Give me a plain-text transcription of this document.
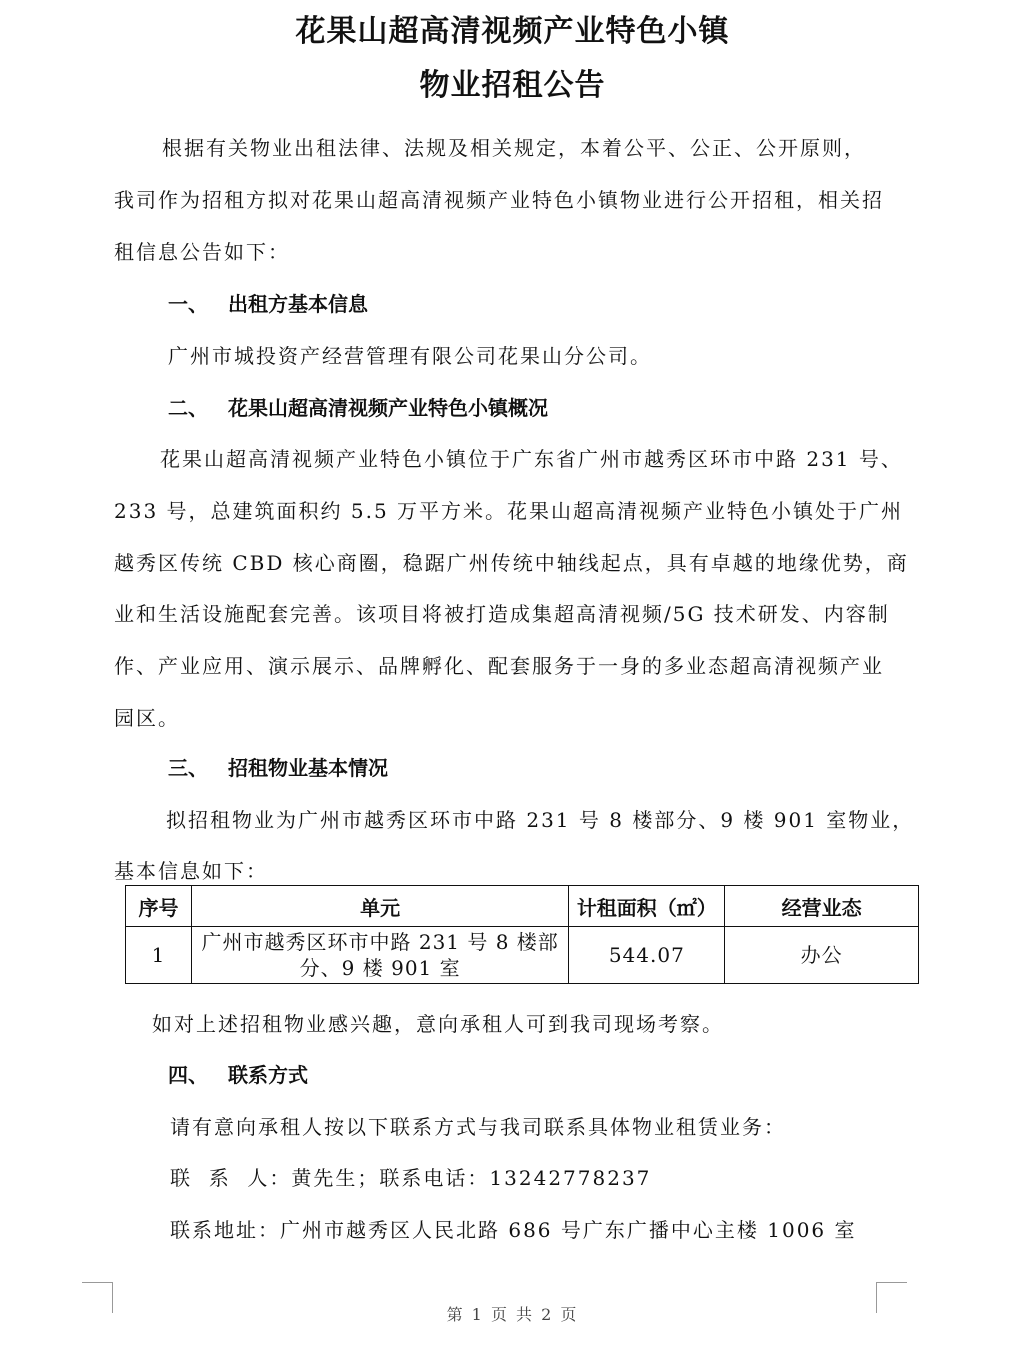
花果山超高清视频产业特色小镇
物业招租公告
根据有关物业出租法律、法规及相关规定，本着公平、公正、公开原则，
我司作为招租方拟对花果山超高清视频产业特色小镇物业进行公开招租，相关招
租信息公告如下：
一、 出租方基本信息
广州市城投资产经营管理有限公司花果山分公司。
二、 花果山超高清视频产业特色小镇概况
花果山超高清视频产业特色小镇位于广东省广州市越秀区环市中路 231 号、
233 号，总建筑面积约 5.5 万平方米。花果山超高清视频产业特色小镇处于广州
越秀区传统 CBD 核心商圈，稳踞广州传统中轴线起点，具有卓越的地缘优势，商
业和生活设施配套完善。该项目将被打造成集超高清视频/5G 技术研发、内容制
作、产业应用、演示展示、品牌孵化、配套服务于一身的多业态超高清视频产业
园区。
三、 招租物业基本情况
拟招租物业为广州市越秀区环市中路 231 号 8 楼部分、9 楼 901 室物业，
基本信息如下：
序号	单元	计租面积（㎡）	经营业态
1	广州市越秀区环市中路 231 号 8 楼部
分、9 楼 901 室	544.07	办公
如对上述招租物业感兴趣，意向承租人可到我司现场考察。
四、 联系方式
请有意向承租人按以下联系方式与我司联系具体物业租赁业务：
联  系  人：黄先生；联系电话：13242778237
联系地址：广州市越秀区人民北路 686 号广东广播中心主楼 1006 室
第 1 页 共 2 页
